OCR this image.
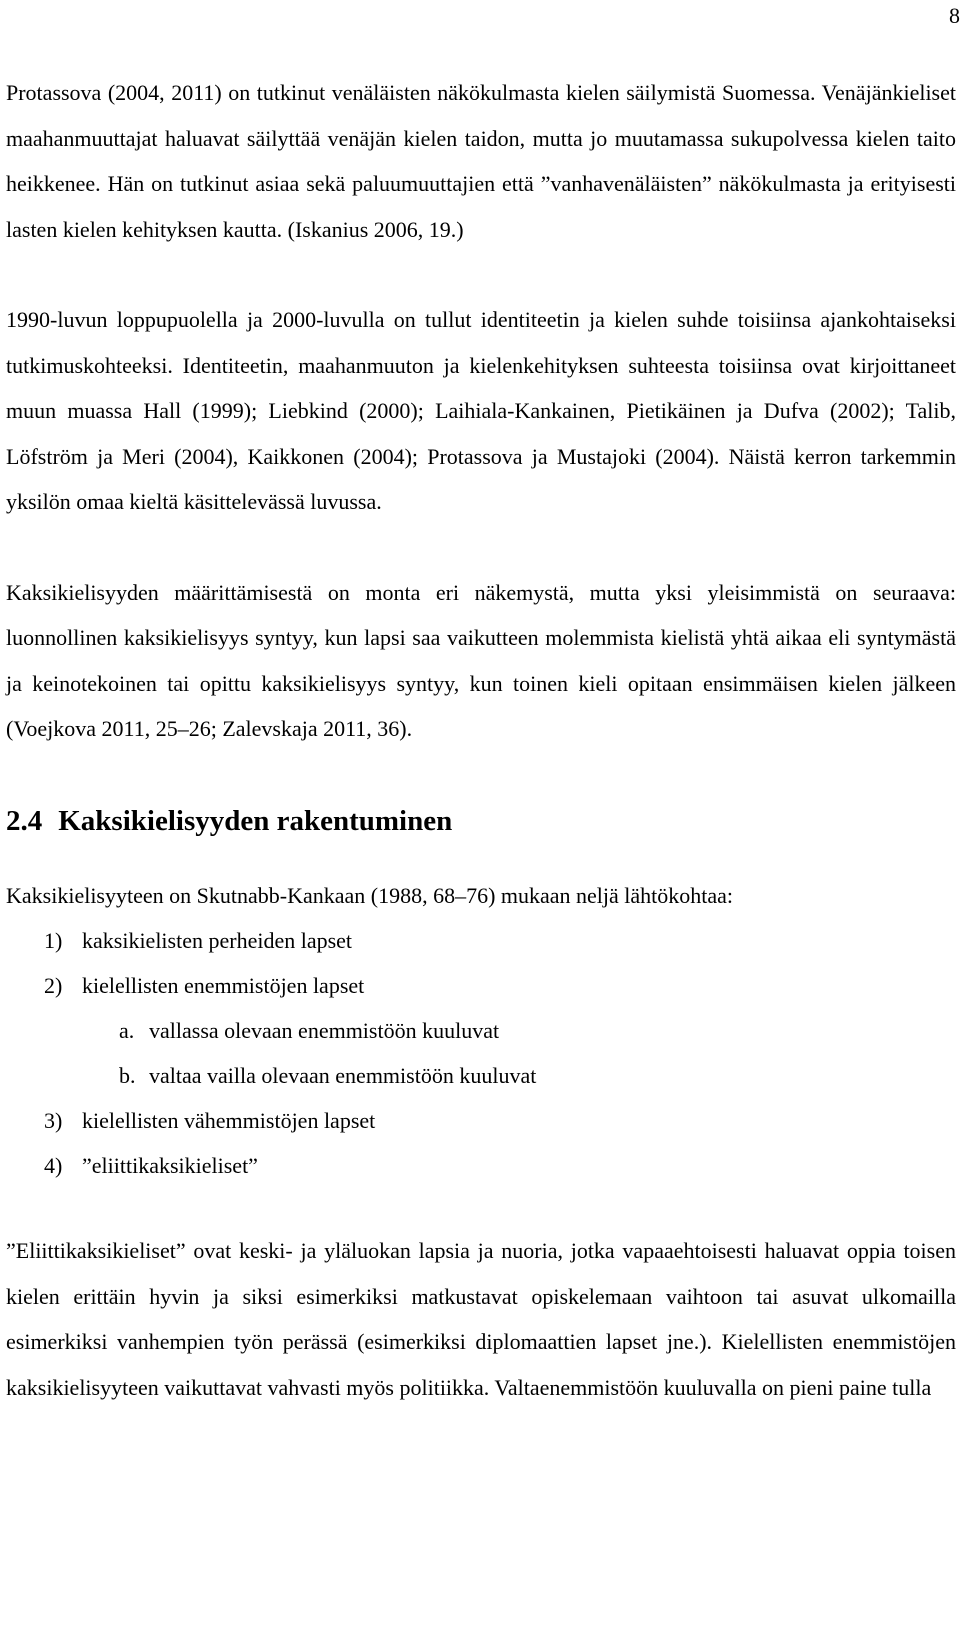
8

Protassova (2004, 2011) on tutkinut venäläisten näkökulmasta kielen säilymistä Suomessa. Venäjänkieliset maahanmuuttajat haluavat säilyttää venäjän kielen taidon, mutta jo muutamassa sukupolvessa kielen taito heikkenee. Hän on tutkinut asiaa sekä paluumuuttajien että ”vanhavenäläisten” näkökulmasta ja erityisesti lasten kielen kehityksen kautta. (Iskanius 2006, 19.)

1990-luvun loppupuolella ja 2000-luvulla on tullut identiteetin ja kielen suhde toisiinsa ajankohtaiseksi tutkimuskohteeksi. Identiteetin, maahanmuuton ja kielenkehityksen suhteesta toisiinsa ovat kirjoittaneet muun muassa Hall (1999); Liebkind (2000); Laihiala-Kankainen, Pietikäinen ja Dufva (2002); Talib, Löfström ja Meri (2004), Kaikkonen (2004); Protassova ja Mustajoki (2004). Näistä kerron tarkemmin yksilön omaa kieltä käsittelevässä luvussa.

Kaksikielisyyden määrittämisestä on monta eri näkemystä, mutta yksi yleisimmistä on seuraava: luonnollinen kaksikielisyys syntyy, kun lapsi saa vaikutteen molemmista kielistä yhtä aikaa eli syntymästä ja keinotekoinen tai opittu kaksikielisyys syntyy, kun toinen kieli opitaan ensimmäisen kielen jälkeen (Voejkova 2011, 25–26; Zalevskaja 2011, 36).

2.4 Kaksikielisyyden rakentuminen

Kaksikielisyyteen on Skutnabb-Kankaan (1988, 68–76) mukaan neljä lähtökohtaa:

1) kaksikielisten perheiden lapset
2) kielellisten enemmistöjen lapset
a. vallassa olevaan enemmistöön kuuluvat
b. valtaa vailla olevaan enemmistöön kuuluvat
3) kielellisten vähemmistöjen lapset
4) ”eliittikaksikieliset”

”Eliittikaksikieliset” ovat keski- ja yläluokan lapsia ja nuoria, jotka vapaaehtoisesti haluavat oppia toisen kielen erittäin hyvin ja siksi esimerkiksi matkustavat opiskelemaan vaihtoon tai asuvat ulkomailla esimerkiksi vanhempien työn perässä (esimerkiksi diplomaattien lapset jne.). Kielellisten enemmistöjen kaksikielisyyteen vaikuttavat vahvasti myös politiikka. Valtaenemmistöön kuuluvalla on pieni paine tulla
